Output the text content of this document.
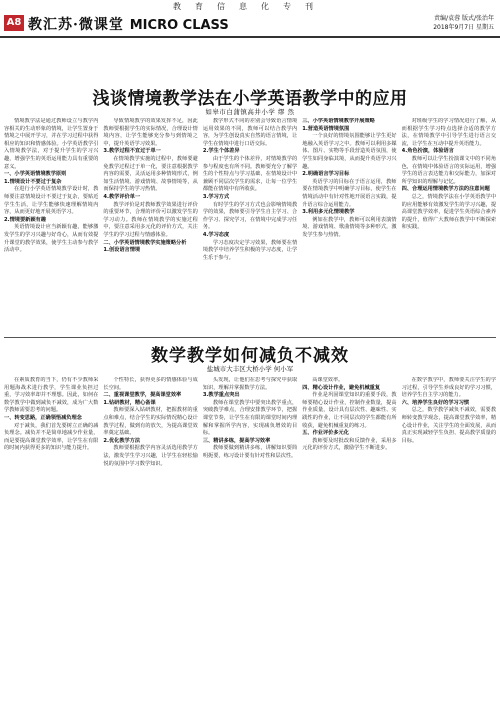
教育信息化专刊
A8 教汇苏·微课堂 MICRO CLASS	责编/袁蓉 版式/张治年
2018年9月7日 星期五
浅谈情境教学法在小学英语教学中的应用
如皋市白蒲镇高井小学 缪 然

情境教学法是通过教师设立与教学内容相关的生动形象的情境，让学生置身于情境之中展开学习，并在学习过程中获得相应的知识和情感体验。小学英语教学引入情境教学法，对于提升学生的学习兴趣，增强学生的英语运用能力具有重要的意义。

一、小学英语情境教学原则

1.情境设计不要过于复杂

在进行小学英语情境教学设计时，教师要注意情境设计不要过于复杂，要贴近学生生活，让学生能够快速理解情境内容，从而更好地开展英语学习。

2.情境要新颖有趣

英语情境设计应当新颖有趣，能够激发学生的学习兴趣与好奇心，从而有效提升课堂的教学效果，使学生主动参与教学活动中。

导致情境教学的效果发挥不足，因此教师要根据学生的实际情况，合理设计情境内容，让学生能够充分参与到情境之中，提升英语学习效果。

3.教学过程不宜过于单一

在情境教学实施的过程中，教师要避免教学过程过于单一化，要注意根据教学内容的需要，灵活运用多种情境形式，例如生活情境、游戏情境、故事情境等，从而保持学生的学习热情。

4.教学评价单一

教学评价是对教师教学效果进行评价的重要环节，合理的评价可以激发学生的学习动力。教师在情境教学的实施过程中，要注意采用多元化的评价方式，关注学生的学习过程与情感体验。

二、小学英语情境教学实施策略分析

1.创设语言情境

教学形式不同的差别会导致语言情境运用效果的不同，教师可以结合教学内容，为学生创设真实自然的语言情境，让学生在情境中进行口语交际。

2.学生个体差异

由于学生的个体差异，对情境教学的参与程度也有所不同。教师要充分了解学生的个性特点与学习基础，在情境设计中兼顾不同层次学生的需求，让每一位学生都能在情境中有所收获。

3.学习方式

有时学生的学习方式也会影响情境教学的效果，教师要引导学生自主学习、合作学习、探究学习，在情境中完成学习任务。

4.学习态度

学习态度决定学习效果，教师要在情境教学中培养学生积极的学习态度，让学生乐于参与。

三、小学英语情境教学开展策略

1.营造英语情境氛围

一个良好的情境氛围能够让学生更好地融入英语学习之中。教师可以利用多媒体、图片、实物等手段营造英语氛围，使学生如同身临其境，从而提升英语学习兴趣。

2.明确语言学习目标

英语学习的目标在于语言运用，教师要在情境教学中明确学习目标，使学生在情境活动中有针对性地开展语言实践，提升语言综合运用能力。

3.利用多元化情境教学

例如在教学中，教师可以利用表演情境、游戏情境、歌曲情境等多种形式，激发学生参与热情。

对班级学生的学习情况进行了解，从而根据学生学习特点选择合适的教学方法，在情境教学中引导学生进行语言交流，让学生在互动中提升英语能力。

4.角色扮演，体验语言

教师可以让学生扮演课文中的不同角色，在情境中体验语言的实际运用，增强学生的语言表达能力和交际能力，加深对所学知识的理解与记忆。

四、合理运用情境教学方法的注意问题

总之，情境教学法在小学英语教学中的应用能够有效激发学生的学习兴趣，提高课堂教学效率，促进学生英语综合素养的提升，值得广大教师在教学中不断探索和实践。

数学教学如何减负不减效
盐城市大丰区大桥小学 何小军

在素质教育的当下，仍有不少教师采用题海战术进行教学，学生课业负担过重，学习效率却并不理想。因此，如何在数学教学中做到减负不减效，成为广大数学教师需要思考的问题。

一、转变思路，正确领悟减负理念

对于减负，我们首先要树立正确的减负理念。减负并不是简单地减少作业量，而是要提高课堂教学效率，让学生在有限的时间内获得更多的知识与能力提升。

个性特长，获得更多的情感体验与成长空间。

二、重视课堂教学，提高课堂效率

1.钻研教材，精心备课

教师要深入钻研教材，把握教材的重点和难点，结合学生的实际情况精心设计教学过程，做到有的放矢，为提高课堂效率奠定基础。

2.优化教学方法

教师要根据教学内容灵活选用教学方法，激发学生学习兴趣，让学生在轻松愉悦的氛围中学习数学知识。

头发现，让他们在思考与探究中获取知识，理解并掌握数学方法。

3.教学重点突出

教师在课堂教学中要突出教学重点，突破教学难点，合理安排教学环节，把握课堂节奏，让学生在有限的课堂时间内理解和掌握所学内容，实现减负增效的目标。

三、精讲多练，提高学习效率

教师要做到精讲多练，讲解知识要简明扼要，练习设计要有针对性和层次性。

高课堂效率。

四、精心设计作业，避免机械重复

作业是巩固课堂知识的重要手段，教师要精心设计作业，控制作业数量，提高作业质量，设计具有层次性、趣味性、实践性的作业，让不同层次的学生都能有所收获，避免机械重复的练习。

五、作业评价多元化

教师要及时批改和反馈作业，采用多元化的评价方式，激励学生不断进步。

在数学教学中，教师要关注学生的学习过程，引导学生养成良好的学习习惯，培养学生自主学习的能力。

六、培养学生良好的学习习惯

总之，数学教学减负不减效，需要教师转变教学观念，提高课堂教学效率，精心设计作业，关注学生的全面发展，从而真正实现减轻学生负担、提高教学质量的目标。
